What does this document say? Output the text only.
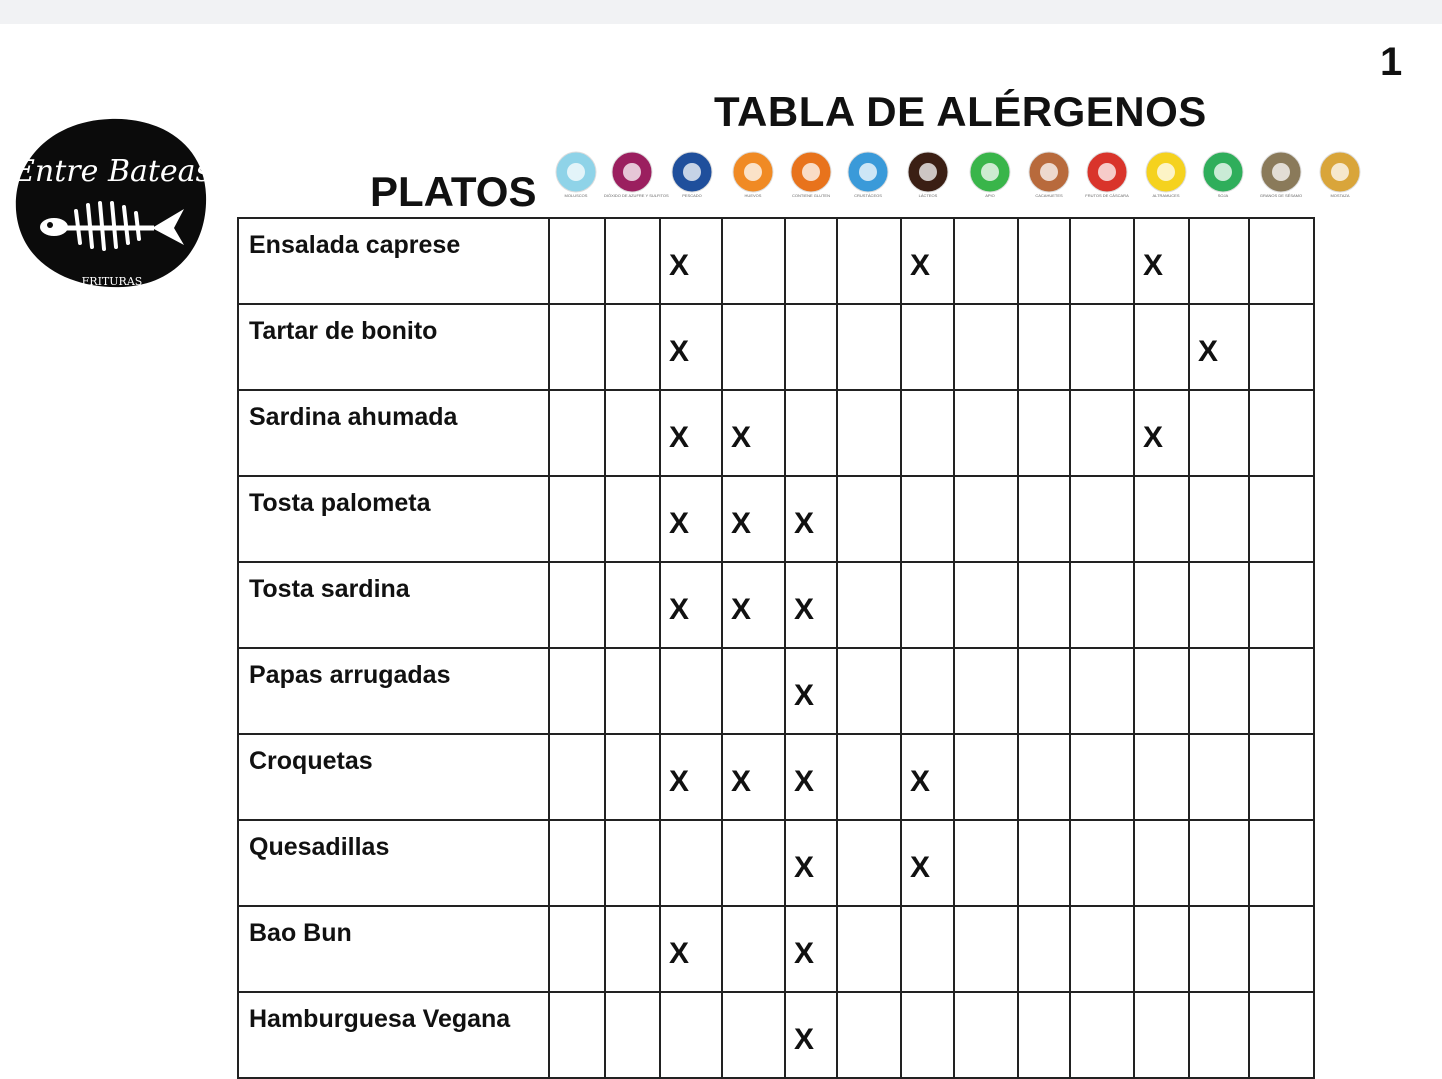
1
TABLA DE ALÉRGENOS
PLATOS
Entre Bateas
FRITURAS
MOLUSCOS	DIÓXIDO DE AZUFRE Y SULFITOS	PESCADO	HUEVOS	CONTIENE GLUTEN	CRUSTÁCEOS	LÁCTEOS	APIO	CACAHUETES	FRUTOS DE CÁSCARA	ALTRAMUCES	SOJA	GRANOS DE SÉSAMO	MOSTAZA
Ensalada caprese			X				X				X		
Tartar de bonito			X									X	
Sardina ahumada			X	X							X		
Tosta palometa			X	X	X								
Tosta sardina			X	X	X								
Papas arrugadas					X								
Croquetas			X	X	X		X						
Quesadillas					X		X						
Bao Bun			X		X								
Hamburguesa Vegana					X								
